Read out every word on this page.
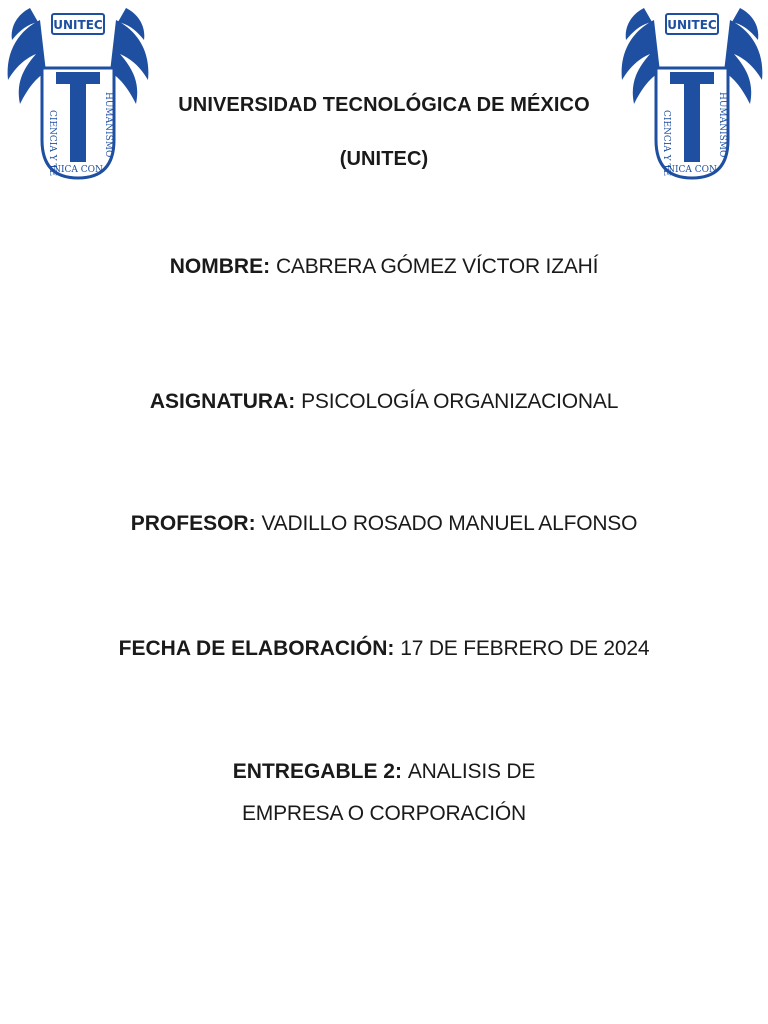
UNITEC
CIENCIA Y TE	HUMANISMO
NICA CON
UNITEC
CIENCIA Y TE	HUMANISMO
NICA CON
UNIVERSIDAD TECNOLÓGICA DE MÉXICO
(UNITEC)
NOMBRE: CABRERA GÓMEZ VÍCTOR IZAHÍ
ASIGNATURA: PSICOLOGÍA ORGANIZACIONAL
PROFESOR: VADILLO ROSADO MANUEL ALFONSO
FECHA DE ELABORACIÓN: 17 DE FEBRERO DE 2024
ENTREGABLE 2: ANALISIS DE EMPRESA O CORPORACIÓN
